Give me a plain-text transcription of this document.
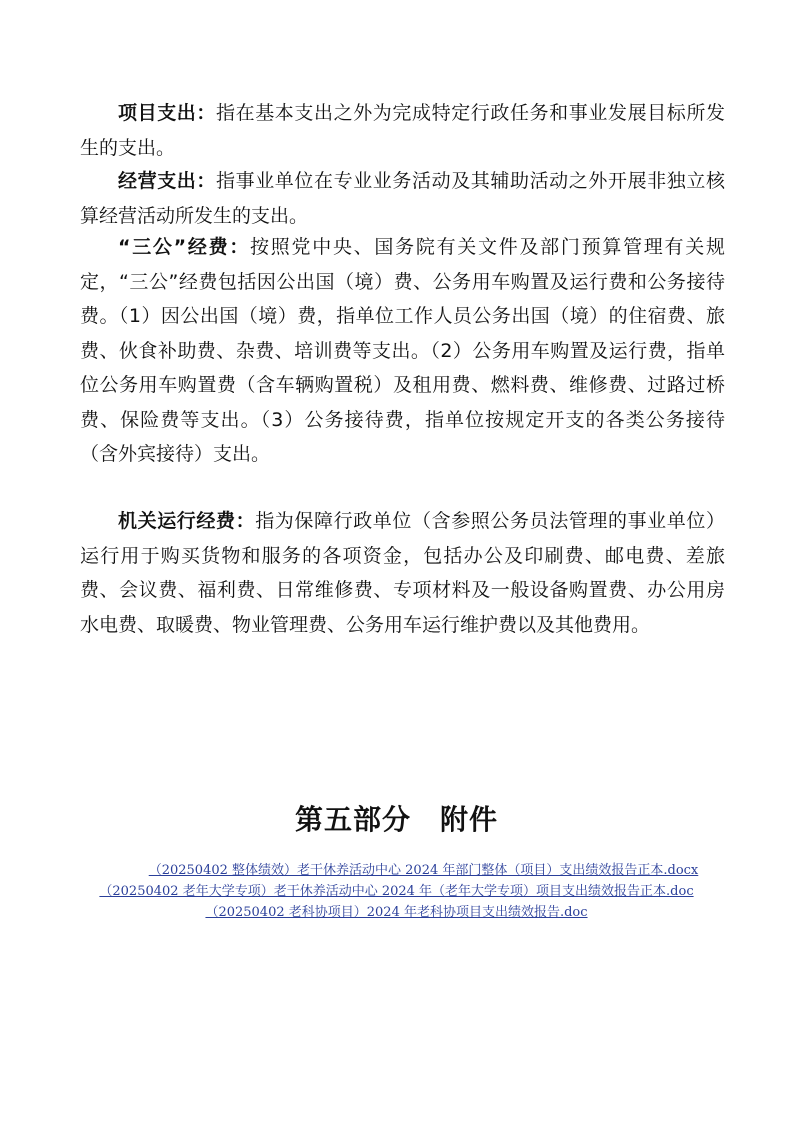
项目支出：指在基本支出之外为完成特定行政任务和事业发展目标所发生的支出。

经营支出：指事业单位在专业业务活动及其辅助活动之外开展非独立核算经营活动所发生的支出。

“三公”经费：按照党中央、国务院有关文件及部门预算管理有关规定，“三公”经费包括因公出国（境）费、公务用车购置及运行费和公务接待费。（1）因公出国（境）费，指单位工作人员公务出国（境）的住宿费、旅费、伙食补助费、杂费、培训费等支出。（2）公务用车购置及运行费，指单位公务用车购置费（含车辆购置税）及租用费、燃料费、维修费、过路过桥费、保险费等支出。（3）公务接待费，指单位按规定开支的各类公务接待（含外宾接待）支出。

机关运行经费：指为保障行政单位（含参照公务员法管理的事业单位）运行用于购买货物和服务的各项资金，包括办公及印刷费、邮电费、差旅费、会议费、福利费、日常维修费、专项材料及一般设备购置费、办公用房水电费、取暖费、物业管理费、公务用车运行维护费以及其他费用。

第五部分　附件
（20250402 整体绩效）老干休养活动中心 2024 年部门整体（项目）支出绩效报告正本.docx
（20250402 老年大学专项）老干休养活动中心 2024 年（老年大学专项）项目支出绩效报告正本.doc
（20250402 老科协项目）2024 年老科协项目支出绩效报告.doc
